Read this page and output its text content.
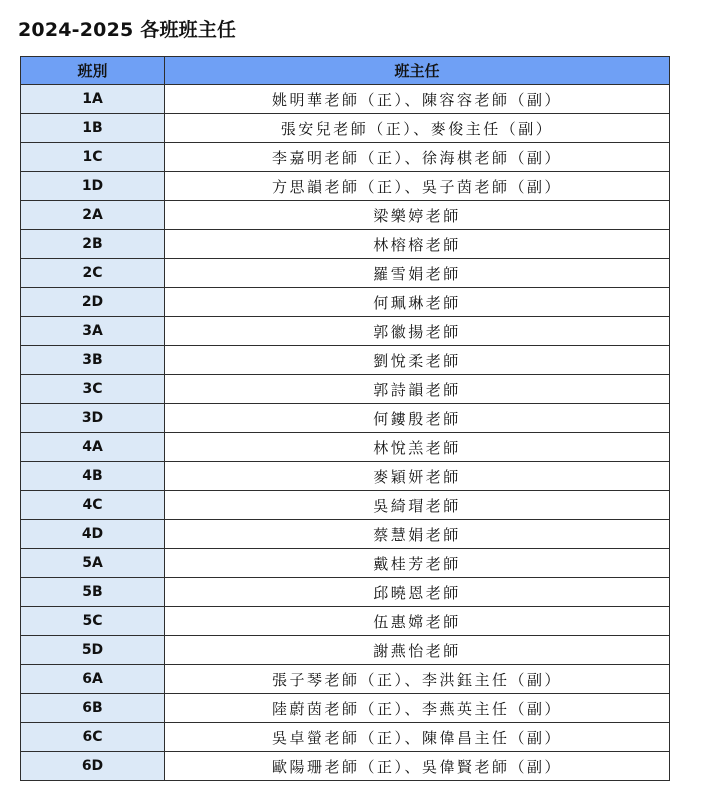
2024-2025 各班班主任
班別	班主任
1A	姚明華老師（正）、陳容容老師（副）
1B	張安兒老師（正）、麥俊主任（副）
1C	李嘉明老師（正）、徐海棋老師（副）
1D	方思韻老師（正）、吳子茵老師（副）
2A	梁樂婷老師
2B	林榕榕老師
2C	羅雪娟老師
2D	何珮琳老師
3A	郭徽揚老師
3B	劉悅柔老師
3C	郭詩韻老師
3D	何鏤殷老師
4A	林悅羔老師
4B	麥穎妍老師
4C	吳綺瑁老師
4D	蔡慧娟老師
5A	戴桂芳老師
5B	邱曉恩老師
5C	伍惠嫦老師
5D	謝燕怡老師
6A	張子琴老師（正）、李洪鈺主任（副）
6B	陸蔚茵老師（正）、李燕英主任（副）
6C	吳卓螢老師（正）、陳偉昌主任（副）
6D	歐陽珊老師（正）、吳偉賢老師（副）
